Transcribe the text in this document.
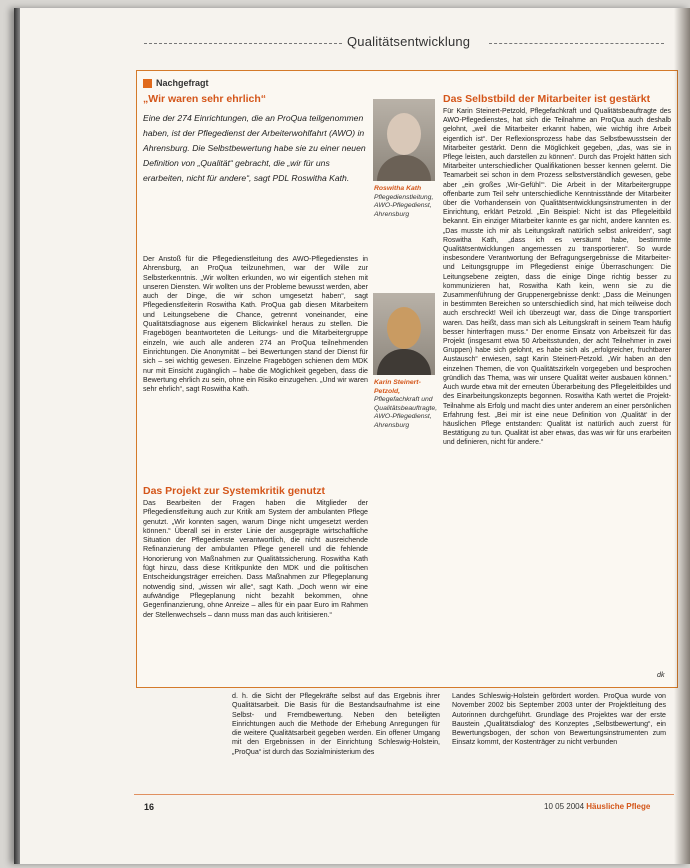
Qualitätsentwicklung
Nachgefragt
„Wir waren sehr ehrlich“
Eine der 274 Einrichtungen, die an ProQua teilgenommen haben, ist der Pflegedienst der Arbeiterwohlfahrt (AWO) in Ahrensburg. Die Selbstbewertung habe sie zu einer neuen Definition von „Qualität“ gebracht, die „wir für uns erarbeiten, nicht für andere“, sagt PDL Roswitha Kath.
Der Anstoß für die Pflegedienstleitung des AWO-Pflegedienstes in Ahrensburg, an ProQua teilzunehmen, war der Wille zur Selbsterkenntnis. „Wir wollten erkunden, wo wir eigentlich stehen mit unseren Diensten. Wir wollten uns der Probleme bewusst werden, aber auch der Dinge, die wir schon umgesetzt haben“, sagt Pflegedienstleiterin Roswitha Kath. ProQua gab diesen Mitarbeitern und Leitungsebene die Chance, getrennt voneinander, eine Qualitätsdiagnose aus eigenem Blickwinkel heraus zu stellen. Die Fragebögen beantworteten die Leitungs- und die Mitarbeitergruppe einzeln, wie auch alle anderen 274 an ProQua teilnehmenden Einrichtungen. Die Anonymität – bei Bewertungen stand der Dienst für sich – sei wichtig gewesen. Einzelne Fragebögen schienen dem MDK nur mit Einsicht zugänglich – habe die Möglichkeit gegeben, dass die Bewertung ehrlich zu sein, ohne ein Risiko einzugehen. „Und wir waren sehr ehrlich“, sagt Roswitha Kath.
Das Projekt zur Systemkritik genutzt
Das Bearbeiten der Fragen haben die Mitglieder der Pflegedienstleitung auch zur Kritik am System der ambulanten Pflege genutzt. „Wir konnten sagen, warum Dinge nicht umgesetzt werden können.“ Überall sei in erster Linie der ausgeprägte wirtschaftliche Situation der Pflegedienste verantwortlich, die nicht ausreichende Refinanzierung der ambulanten Pflege generell und die fehlende Honorierung von Maßnahmen zur Qualitätssicherung. Roswitha Kath fügt hinzu, dass diese Kritikpunkte den MDK und die politischen Entscheidungsträger erreichen. Dass Maßnahmen zur Pflegeplanung notwendig sind, „wissen wir alle“, sagt Kath. „Doch wenn wir eine aufwändige Pflegeplanung nicht bezahlt bekommen, ohne Gegenfinanzierung, ohne Anreize – alles für ein paar Euro im Rahmen der Stellenwechsels – dann muss man das auch kritisieren.“
Roswitha Kath
Pflegedienstleitung, AWO-Pflegedienst, Ahrensburg
Karin Steinert-Petzold,
Pflegefachkraft und Qualitätsbeauftragte, AWO-Pflegedienst, Ahrensburg
Das Selbstbild der Mitarbeiter ist gestärkt
Für Karin Steinert-Petzold, Pflegefachkraft und Qualitätsbeauftragte des AWO-Pflegedienstes, hat sich die Teilnahme an ProQua auch deshalb gelohnt, „weil die Mitarbeiter erkannt haben, wie wichtig ihre Arbeit eigentlich ist“. Der Reflexionsprozess habe das Selbstbewusstsein der Mitarbeiter gestärkt. Denn die Möglichkeit gegeben, „das, was sie in Pflege leisten, auch darstellen zu können“. Durch das Projekt hätten sich Mitarbeiter unterschiedlicher Qualifikationen besser kennen gelernt. Die Teamarbeit sei schon in dem Prozess selbstverständlich gewesen, gebe aber „ein großes ‚Wir-Gefühl‘“. Die Arbeit in der Mitarbeitergruppe offenbarte zum Teil sehr unterschiedliche Kenntnisstände der Mitarbeiter über die Vorhandensein von Qualitätsentwicklungsinstrumenten in der Einrichtung, erklärt Petzold. „Ein Beispiel: Nicht ist das Pflegeleitbild bekannt. Ein einziger Mitarbeiter kannte es gar nicht, andere kannten es. „Das musste ich mir als Leitungskraft natürlich selbst ankreiden“, sagt Roswitha Kath, „dass ich es versäumt habe, bestimmte Qualitätsentwicklungen angemessen zu transportieren“. So wurde insbesondere Verantwortung der Befragungsergebnisse die Mitarbeiter- und Leitungsgruppe im Pflegedienst einige Überraschungen: Die Leitungsebene zeigten, dass die einige Dinge richtig besser zu kommunizieren hat, Roswitha Kath kein, wenn sie zu die Zusammenführung der Gruppenergebnisse denkt: „Dass die Meinungen in bestimmten Bereichen so unterschiedlich sind, hat mich teilweise doch auch erschreckt! Weil ich überzeugt war, dass die Dinge transportiert waren. Das heißt, dass man sich als Leitungskraft in seinem Team häufig besser hinterfragen muss.“ Der enorme Einsatz von Arbeitszeit für das Projekt (insgesamt etwa 50 Arbeitsstunden, der acht Teilnehmer in zwei Gruppen) habe sich gelohnt, es habe sich als „erfolgreicher, fruchtbarer Austausch“ erwiesen, sagt Karin Steinert-Petzold. „Wir haben an den einzelnen Themen, die von Qualitätszirkeln vorgegeben und besprochen gründlich das Thema, was wir unsere Qualität weiter ausbauen können.“ Auch wurde etwa mit der erneuten Überarbeitung des Pflegeleitbildes und des Einarbeitungskonzepts begonnen. Roswitha Kath wertet die Projekt-Teilnahme als Erfolg und macht dies unter anderem an einer persönlichen Erfahrung fest. „Bei mir ist eine neue Definition von ‚Qualität‘ in der häuslichen Pflege entstanden: Qualität ist natürlich auch zuerst für Bestätigung zu tun. Qualität ist aber etwas, das was wir für uns erarbeiten und definieren, nicht für andere.“
dk
d. h. die Sicht der Pflegekräfte selbst auf das Ergebnis ihrer Qualitätsarbeit. Die Basis für die Bestandsaufnahme ist eine Selbst- und Fremdbewertung. Neben den beteiligten Einrichtungen auch die Methode der Erhebung Anregungen für die weitere Qualitätsarbeit gegeben werden. Ein offener Umgang mit den Ergebnissen in der Einrichtung Schleswig-Holstein, „ProQua“ ist durch das Sozialministerium des
Landes Schleswig-Holstein gefördert worden. ProQua wurde von November 2002 bis September 2003 unter der Projektleitung des Autorinnen durchgeführt. Grundlage des Projektes war der erste Baustein „Qualitätsdialog“ des Konzeptes „Selbstbewertung“, ein Bewertungsbogen, der schon von Bewertungsinstrumenten zum Einsatz kommt, der Kostenträger zu nicht verbunden
16	10 05 2004 Häusliche Pflege
